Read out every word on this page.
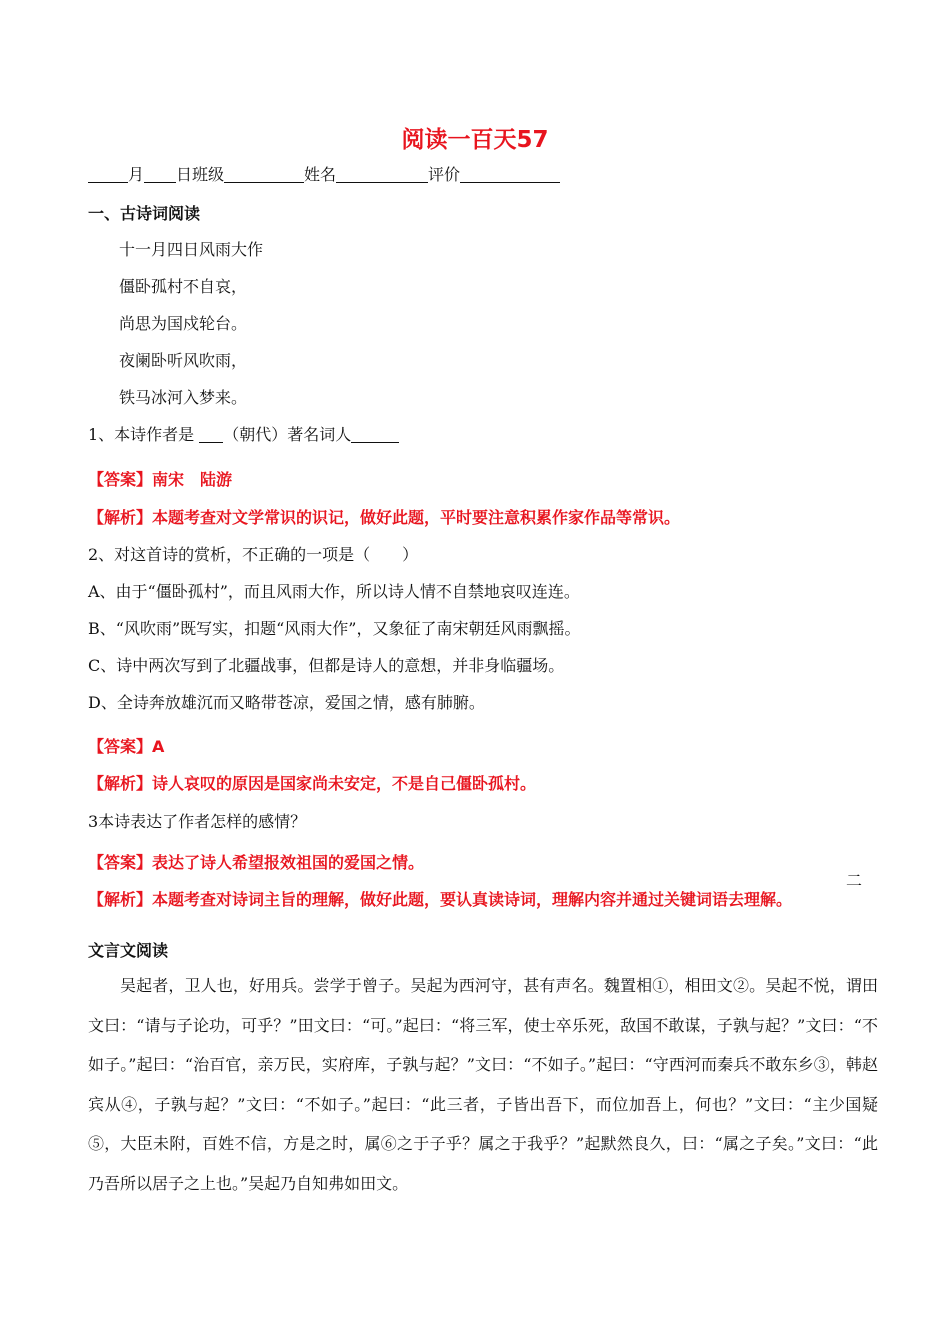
阅读一百天57
月 日班级	姓名	评价
一、古诗词阅读
十一月四日风雨大作
僵卧孤村不自哀，
尚思为国戍轮台。
夜阑卧听风吹雨，
铁马冰河入梦来。
1、本诗作者是 （朝代）著名词人
【答案】南宋　陆游
【解析】本题考查对文学常识的识记，做好此题，平时要注意积累作家作品等常识。
2、对这首诗的赏析，不正确的一项是（　　）
A、由于“僵卧孤村”，而且风雨大作，所以诗人情不自禁地哀叹连连。
B、“风吹雨”既写实，扣题“风雨大作”，又象征了南宋朝廷风雨飘摇。
C、诗中两次写到了北疆战事，但都是诗人的意想，并非身临疆场。
D、全诗奔放雄沉而又略带苍凉，爱国之情，感有肺腑。
【答案】A
【解析】诗人哀叹的原因是国家尚未安定，不是自己僵卧孤村。
3本诗表达了作者怎样的感情？
【答案】表达了诗人希望报效祖国的爱国之情。
【解析】本题考查对诗词主旨的理解，做好此题，要认真读诗词，理解内容并通过关键词语去理解。
二
文言文阅读
吴起者，卫人也，好用兵。尝学于曾子。吴起为西河守，甚有声名。魏置相①，相田文②。吴起不悦，谓田文曰：“请与子论功，可乎？”田文曰：“可。”起曰：“将三军，使士卒乐死，敌国不敢谋，子孰与起？”文曰：“不如子。”起曰：“治百官，亲万民，实府库，子孰与起？”文曰：“不如子。”起曰：“守西河而秦兵不敢东乡③，韩赵宾从④，子孰与起？”文曰：“不如子。”起曰：“此三者，子皆出吾下，而位加吾上，何也？”文曰：“主少国疑⑤，大臣未附，百姓不信，方是之时，属⑥之于子乎？属之于我乎？”起默然良久，曰：“属之子矣。”文曰：“此乃吾所以居子之上也。”吴起乃自知弗如田文。
